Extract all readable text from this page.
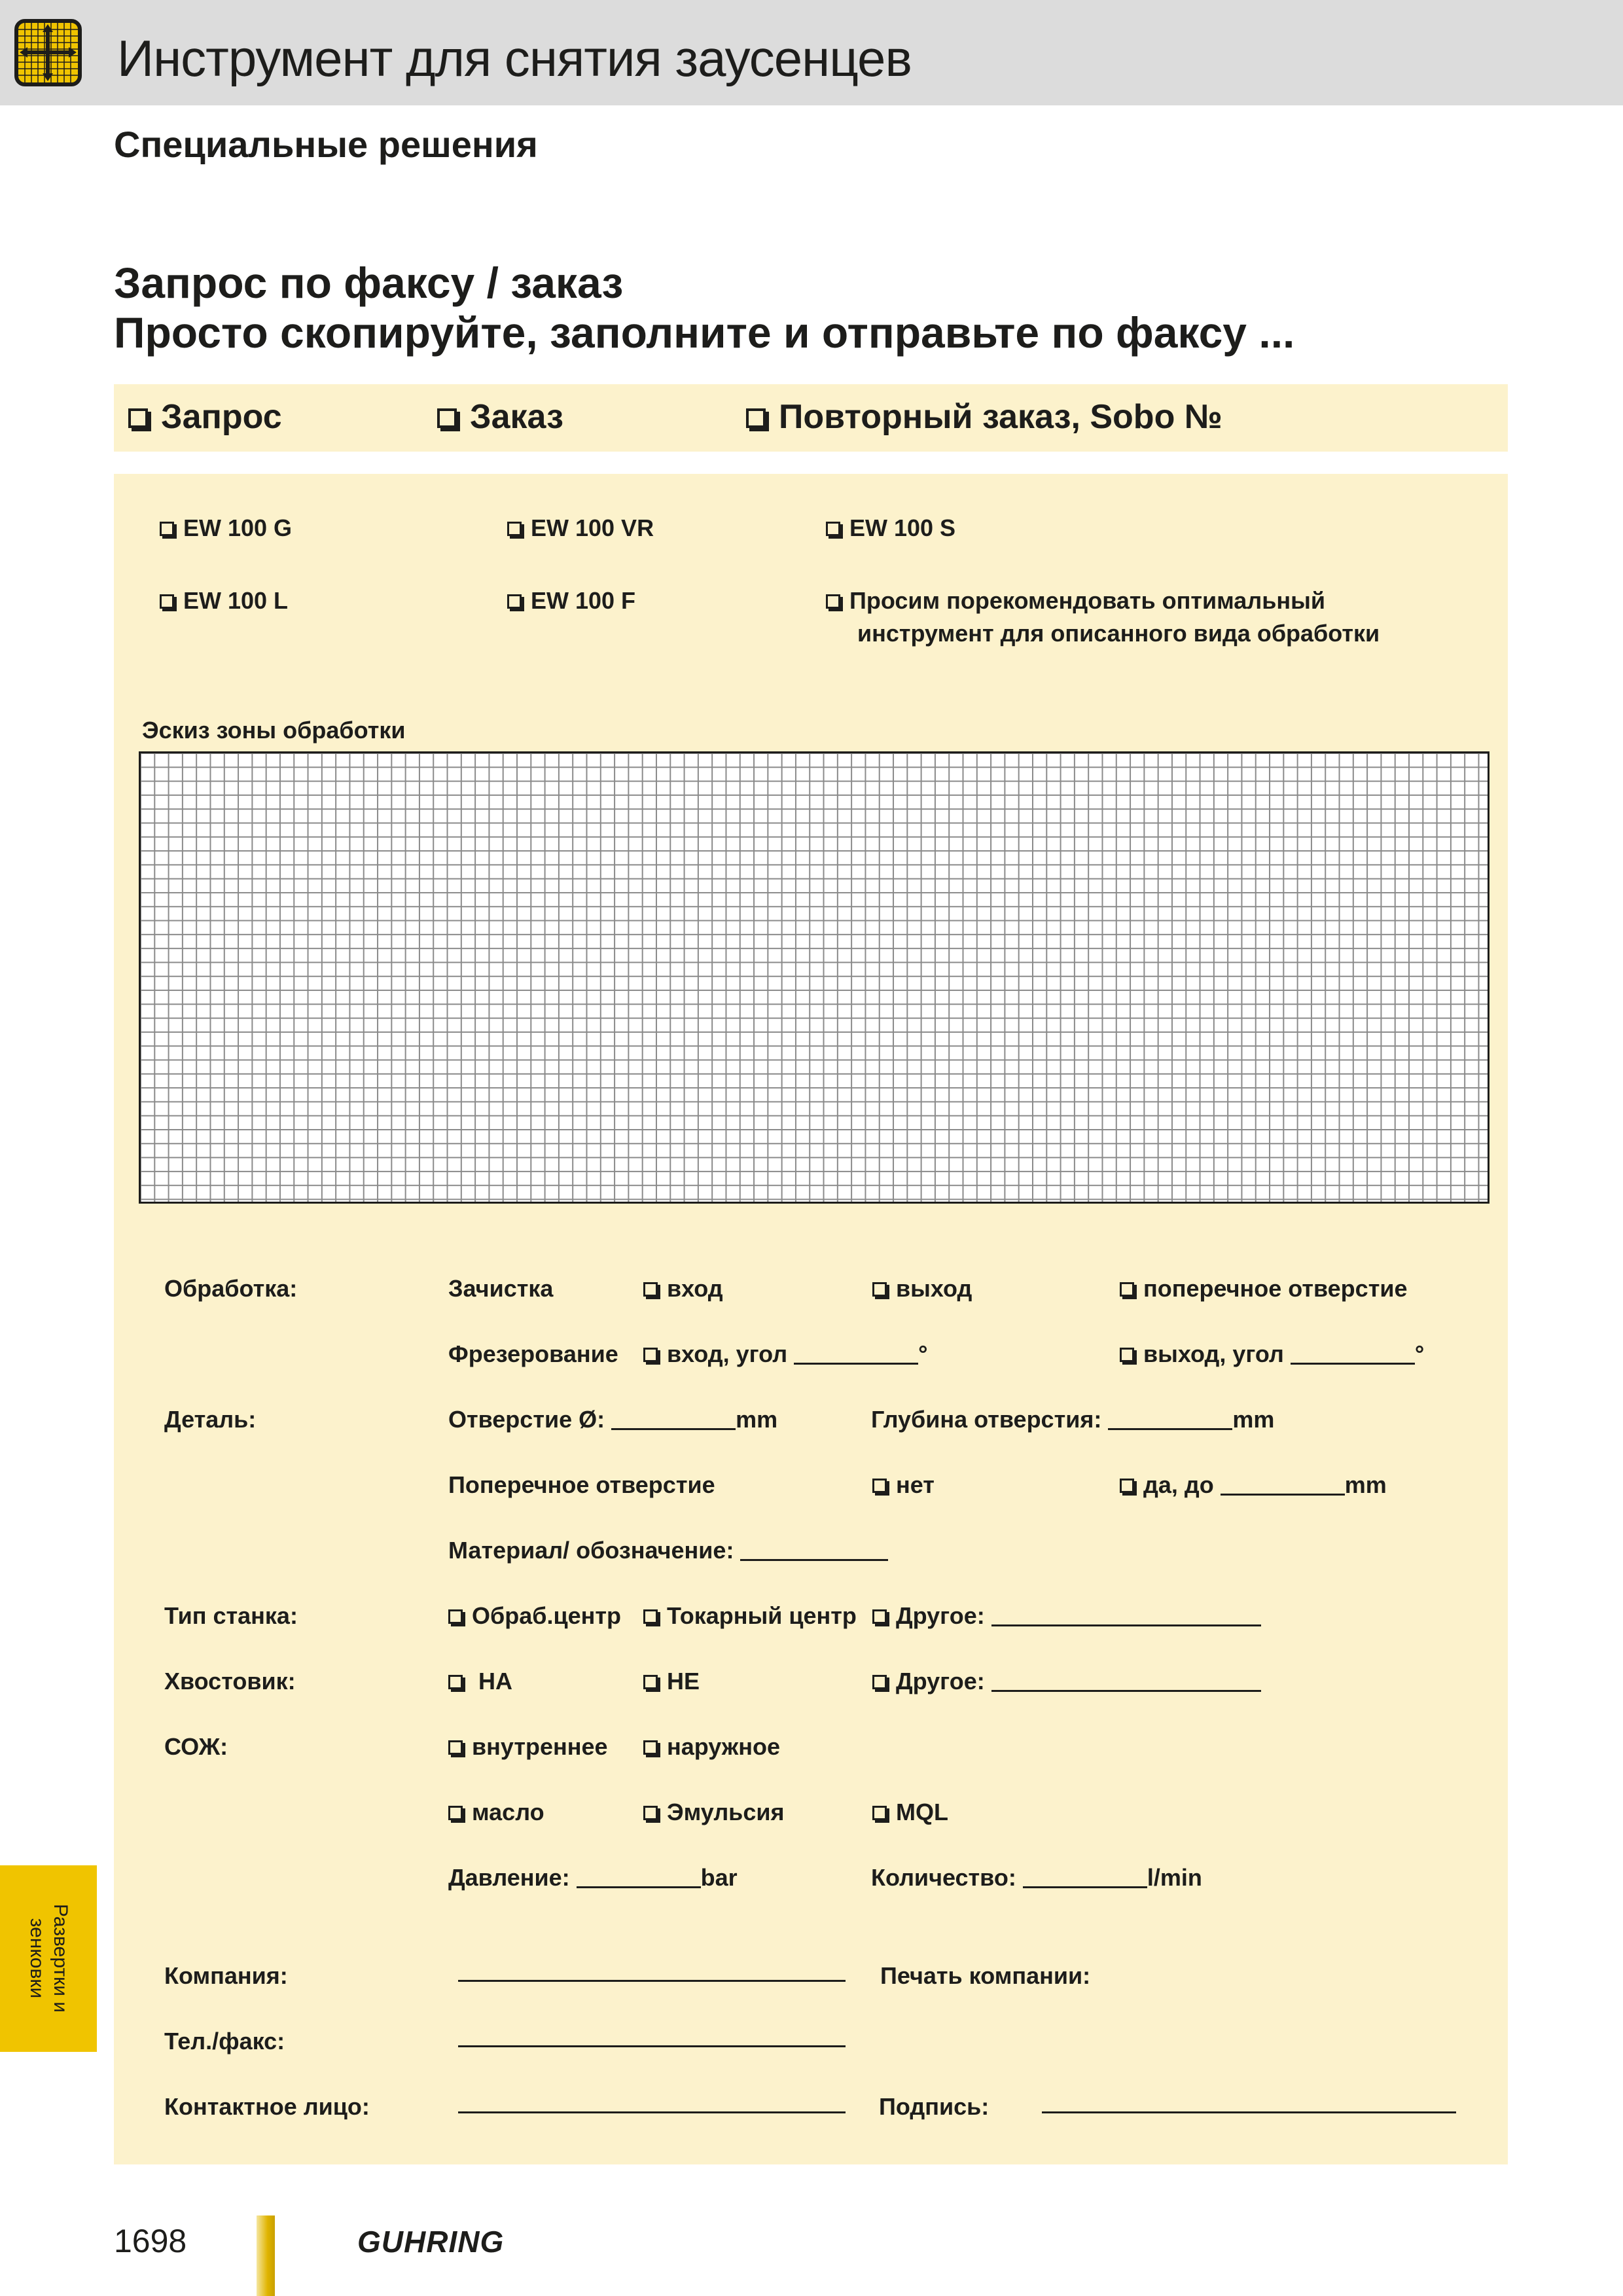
Инструмент для снятия заусенцев
Специальные решения
Запрос по факсу / заказ
Просто скопируйте, заполните и отправьте по факсу ...
Запрос	Заказ	Повторный заказ, Sobo №
EW 100 G	EW 100 VR	EW 100 S
EW 100 L	EW 100 F	Просим порекомендовать оптимальный
инструмент для описанного вида обработки
Эскиз зоны обработки
Обработка:	Зачистка	вход	выход	поперечное отверстие
Фрезерование	вход, угол	°	выход, угол	°
Деталь:	Отверстие Ø:	mm	Глубина отверстия:	mm
Поперечное отверстие	нет	да, до	mm
Материал/ обозначение:
Тип станка:	Обраб.центр	Токарный центр	Другое:
Хвостовик:	HA	HE	Другое:
СОЖ:	внутреннее	наружное
масло	Эмульсия	MQL
Давление:	bar	Количество:	l/min
Компания:	Печать компании:
Тел./факс:
Контактное лицо:	Подпись:
Развертки и
зенковки
1698	GUHRING
